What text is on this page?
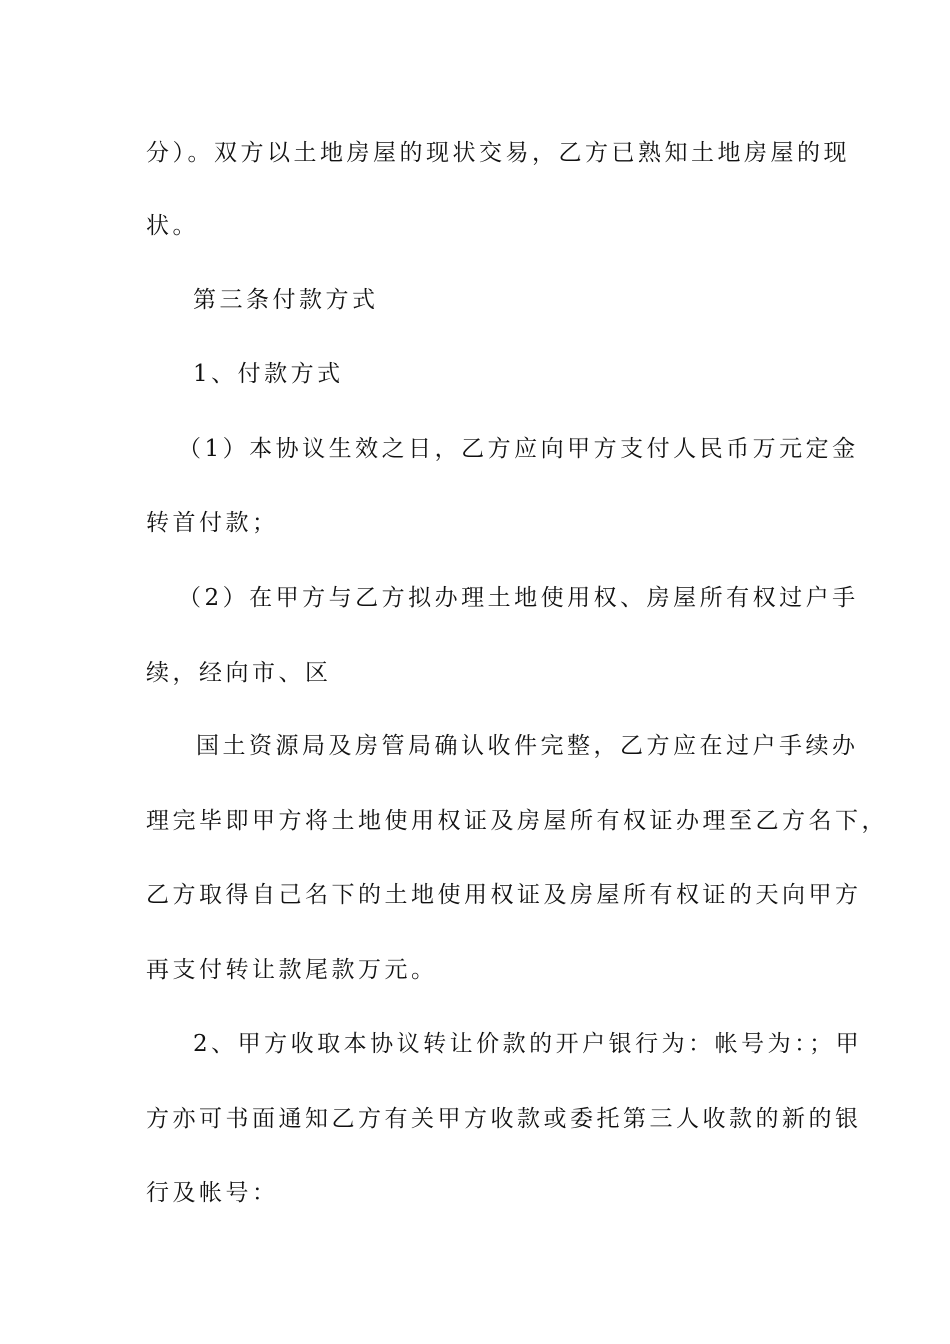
分）。双方以土地房屋的现状交易，乙方已熟知土地房屋的现
状。
第三条付款方式
1、付款方式
（1）本协议生效之日，乙方应向甲方支付人民币万元定金
转首付款；
（2）在甲方与乙方拟办理土地使用权、房屋所有权过户手
续，经向市、区
国土资源局及房管局确认收件完整，乙方应在过户手续办
理完毕即甲方将土地使用权证及房屋所有权证办理至乙方名下，
乙方取得自己名下的土地使用权证及房屋所有权证的天向甲方
再支付转让款尾款万元。
2、甲方收取本协议转让价款的开户银行为：帐号为：；甲
方亦可书面通知乙方有关甲方收款或委托第三人收款的新的银
行及帐号：
